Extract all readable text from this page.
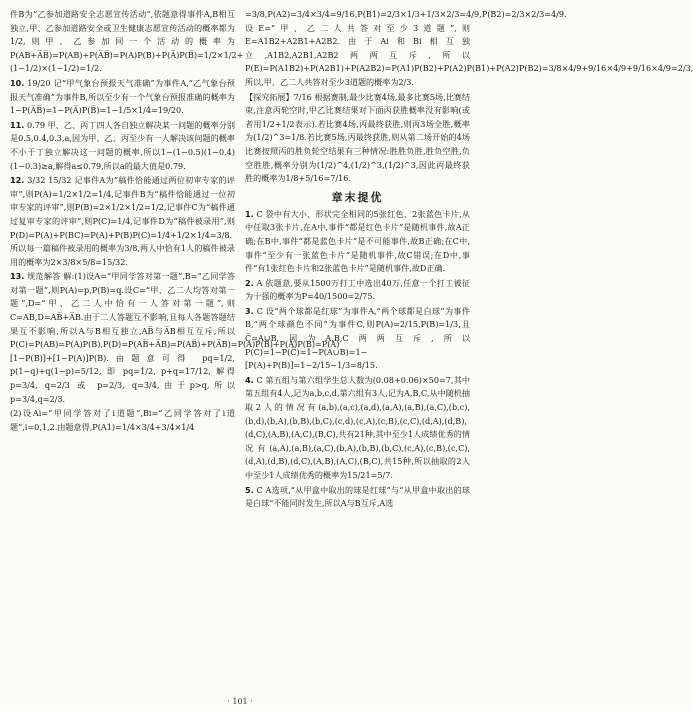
件B为“乙参加道路安全志愿宣传活动”,依题意得事件A,B相互独立,甲、乙参加道路安全或卫生健康志愿宣传活动的概率都为1/2,则甲、乙参加同一个活动的概率为P(AB+A̅B̅)=P(AB)+P(A̅B̅)=P(A)P(B)+P(A̅)P(B̅)=1/2×1/2+(1−1/2)×(1−1/2)=1/2.

10. 19/20 记“甲气象台预报天气准确”为事件A,“乙气象台预报天气准确”为事件B,所以至少有一个气象台预报准确的概率为1−P(A̅B̅)=1−P(A̅)P(B̅)=1−1/5×1/4=19/20.

11. 0.79 甲、乙、丙丁四人各自独立解决某一问题的概率分别是0.5,0.4,0.3,a,因为甲、乙、丙至少有一人解决该问题的概率不小于丁独立解决这一问题的概率,所以1−(1−0.5)(1−0.4)(1−0.3)≥a,解得a≤0.79,所以a的最大值是0.79.

12. 3/32 15/32 记事件A为“稿件恰能通过两位初审专家的评审”,则P(A)=1/2×1/2=1/4,记事件B为“稿件恰能通过一位初审专家的评审”,则P(B)=2×1/2×1/2=1/2,记事件C为“稿件通过复审专家的评审”,则P(C)=1/4,记事件D为“稿件被录用”,则P(D)=P(A)+P(BC)=P(A)+P(B)P(C)=1/4+1/2×1/4=3/8.所以每一篇稿件被录用的概率为3/8,两人中恰有1人的稿件被录用的概率为2×3/8×5/8=15/32.

13. 规范解答 解:(1)设A=“甲同学答对第一题”,B=“乙同学答对第一题”,则P(A)=p,P(B)=q.设C=“甲、乙二人均答对第一题”,D=“甲、乙二人中恰有一人答对第一题”,则C=AB,D=AB̅+A̅B.由于二人答题互不影响,且每人各题答题结果互不影响,所以A与B相互独立,AB̅与A̅B相互互斥,所以P(C)=P(AB)=P(A)P(B),P(D)=P(AB̅+A̅B)=P(AB̅)+P(A̅B)=P(A)P(B̅)+P(A̅)P(B)=P(A)[1−P(B)]+[1−P(A)]P(B).由题意可得 pq=1/2, p(1−q)+q(1−p)=5/12, 即 pq=1/2, p+q=17/12, 解得 p=3/4, q=2/3 或 p=2/3, q=3/4,由于p>q,所以p=3/4,q=2/3.

(2)设Ai=“甲同学答对了i道题”,Bi=“乙同学答对了i道题”,i=0,1,2.由题意得,P(A1)=1/4×3/4+3/4×1/4

=3/8,P(A2)=3/4×3/4=9/16,P(B1)=2/3×1/3+1/3×2/3=4/9,P(B2)=2/3×2/3=4/9.设E=“甲、乙二人共答对至少3道题”,则E=A1B2+A2B1+A2B2.由于Ai和Bi相互独立,A1B2,A2B1,A2B2两两互斥,所以P(E)=P(A1B2)+P(A2B1)+P(A2B2)=P(A1)P(B2)+P(A2)P(B1)+P(A2)P(B2)=3/8×4/9+9/16×4/9+9/16×4/9=2/3,所以,甲、乙二人共答对至少3道题的概率为2/3.

【探究拓展】7/16 根据赛制,最少比赛4场,最多比赛5场,比赛结束,注意丙轮空时,甲乙比赛结果对下面丙获胜概率没有影响(或者用1/2+1/2表示).若比赛4场,丙最终获胜,则丙3场全胜,概率为(1/2)^3=1/8.若比赛5场,丙最终获胜,则从第二场开始的4场比赛按照丙的胜负轮空结果有三种情况:胜胜负胜,胜负空胜,负空胜胜,概率分别为(1/2)^4,(1/2)^3,(1/2)^3,因此丙最终获胜的概率为1/8+5/16=7/16.

章末提优

1. C 袋中有大小、形状完全相同的5张红色、2张蓝色卡片,从中任取3张卡片,在A中,事件“都是红色卡片”是随机事件,故A正确;在B中,事件“都是蓝色卡片”是不可能事件,故B正确;在C中,事件“至少有一张蓝色卡片”是随机事件,故C错误;在D中,事件“有1张红色卡片和2张蓝色卡片”是随机事件,故D正确.

2. A 依题意,要从1500万打工中选出40万,任意一个打工被征为十强的概率为P=40/1500=2/75.

3. C 设“两个球都是红球”为事件A,“两个球都是白球”为事件B,“两个球颜色不同”为事件C,则P(A)=2/15,P(B)=1/3,且C̅=A∪B,因为A,B,C两两互斥,所以P(C)=1−P(C̅)=1−P(A∪B)=1−[P(A)+P(B)]=1−2/15−1/3=8/15.

4. C 第五组与第六组学生总人数为(0.08+0.06)×50=7,其中第五组有4人,记为a,b,c,d,第六组有3人,记为A,B,C,从中随机抽取2人的情况有(a,b),(a,c),(a,d),(a,A),(a,B),(a,C),(b,c),(b,d),(b,A),(b,B),(b,C),(c,d),(c,A),(c,B),(c,C),(d,A),(d,B),(d,C),(A,B),(A,C),(B,C),共有21种,其中至少1人成绩优秀的情况有(a,A),(a,B),(a,C),(b,A),(b,B),(b,C),(c,A),(c,B),(c,C),(d,A),(d,B),(d,C),(A,B),(A,C),(B,C),共15种,所以抽取的2人中至少1人成绩优秀的概率为15/21=5/7.

5. C A选项,“从甲盒中取出的球是红球”与“从甲盒中取出的球是白球”不能同时发生,所以A与B互斥,A选

· 101 ·
